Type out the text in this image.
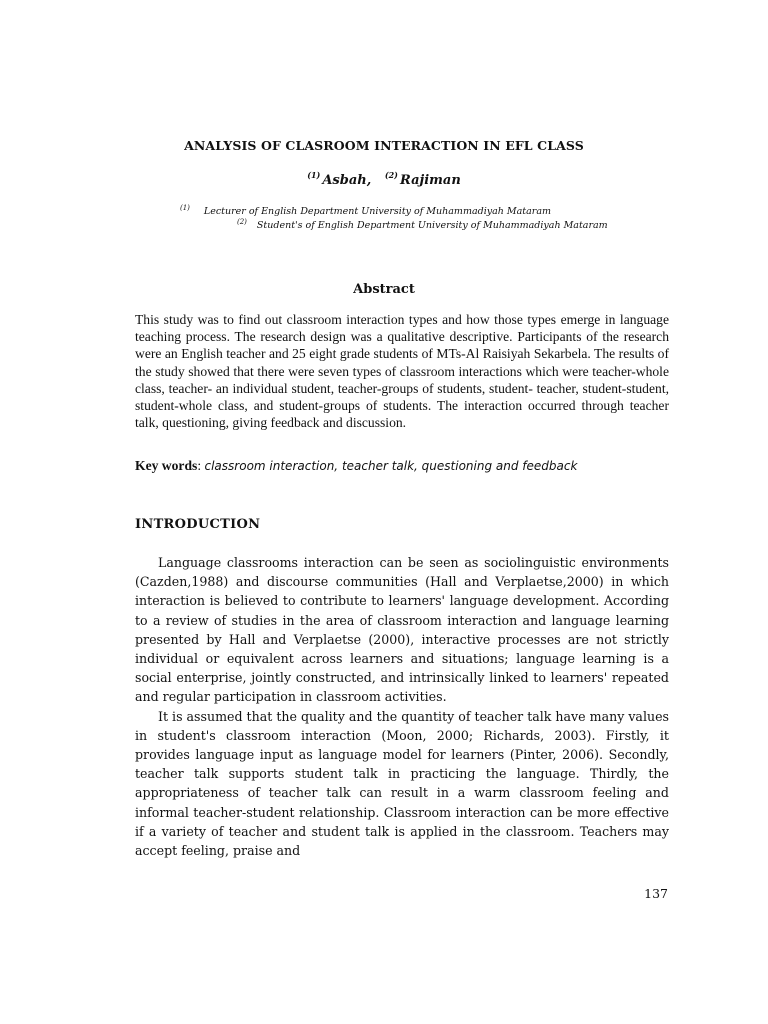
ANALYSIS OF CLASROOM INTERACTION IN EFL CLASS
$^{(1)}$ Asbah, $^{(2)}$ Rajiman
$^{(1)}$ Lecturer of English Department University of Muhammadiyah Mataram
$^{(2)}$ Student's of English Department University of Muhammadiyah Mataram
Abstract
This study was to find out classroom interaction types and how those types emerge in language teaching process. The research design was a qualitative descriptive. Participants of the research were an English teacher and 25 eight grade students of MTs-Al Raisiyah Sekarbela. The results of the study showed that there were seven types of classroom interactions which were teacher-whole class, teacher- an individual student, teacher-groups of students, student- teacher, student-student, student-whole class, and student-groups of students. The interaction occurred through teacher talk, questioning, giving feedback and discussion.
Key words: classroom interaction, teacher talk, questioning and feedback
INTRODUCTION

Language classrooms interaction can be seen as sociolinguistic environments (Cazden,1988) and discourse communities (Hall and Verplaetse,2000) in which interaction is believed to contribute to learners' language development. According to a review of studies in the area of classroom interaction and language learning presented by Hall and Verplaetse (2000), interactive processes are not strictly individual or equivalent across learners and situations; language learning is a social enterprise, jointly constructed, and intrinsically linked to learners' repeated and regular participation in classroom activities.

It is assumed that the quality and the quantity of teacher talk have many values in student's classroom interaction (Moon, 2000; Richards, 2003). Firstly, it provides language input as language model for learners (Pinter, 2006). Secondly, teacher talk supports student talk in practicing the language. Thirdly, the appropriateness of teacher talk can result in a warm classroom feeling and informal teacher-student relationship. Classroom interaction can be more effective if a variety of teacher and student talk is applied in the classroom. Teachers may accept feeling, praise and

137
